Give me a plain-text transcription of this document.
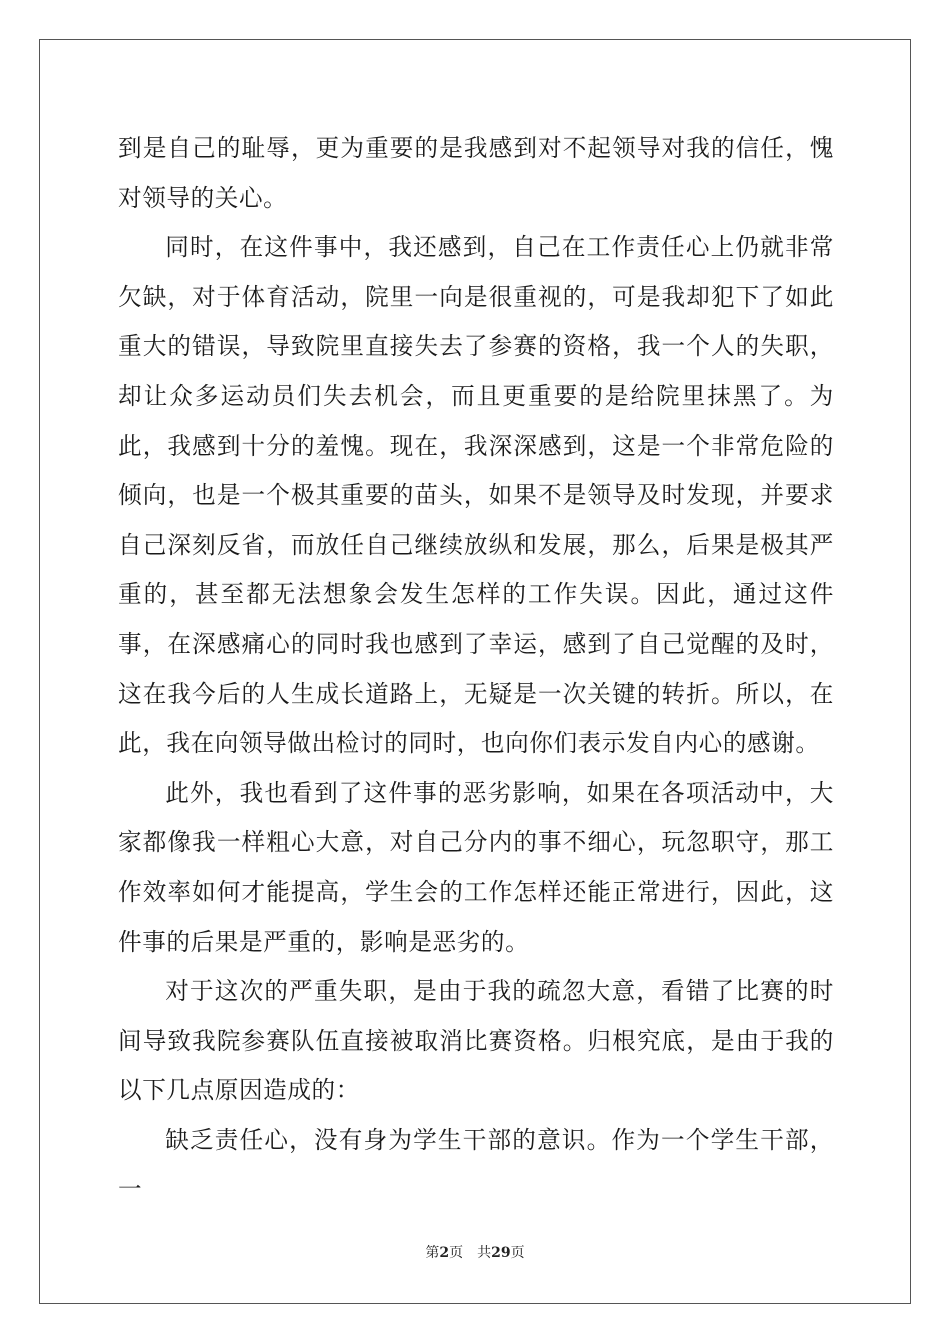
到是自己的耻辱，更为重要的是我感到对不起领导对我的信任，愧对领导的关心。

同时，在这件事中，我还感到，自己在工作责任心上仍就非常欠缺，对于体育活动，院里一向是很重视的，可是我却犯下了如此重大的错误，导致院里直接失去了参赛的资格，我一个人的失职，却让众多运动员们失去机会，而且更重要的是给院里抹黑了。为此，我感到十分的羞愧。现在，我深深感到，这是一个非常危险的倾向，也是一个极其重要的苗头，如果不是领导及时发现，并要求自己深刻反省，而放任自己继续放纵和发展，那么，后果是极其严重的，甚至都无法想象会发生怎样的工作失误。因此，通过这件事，在深感痛心的同时我也感到了幸运，感到了自己觉醒的及时，这在我今后的人生成长道路上，无疑是一次关键的转折。所以，在此，我在向领导做出检讨的同时，也向你们表示发自内心的感谢。

此外，我也看到了这件事的恶劣影响，如果在各项活动中，大家都像我一样粗心大意，对自己分内的事不细心，玩忽职守，那工作效率如何才能提高，学生会的工作怎样还能正常进行，因此，这件事的后果是严重的，影响是恶劣的。

对于这次的严重失职，是由于我的疏忽大意，看错了比赛的时间导致我院参赛队伍直接被取消比赛资格。归根究底，是由于我的以下几点原因造成的：

缺乏责任心，没有身为学生干部的意识。作为一个学生干部，一

第2页 共29页
